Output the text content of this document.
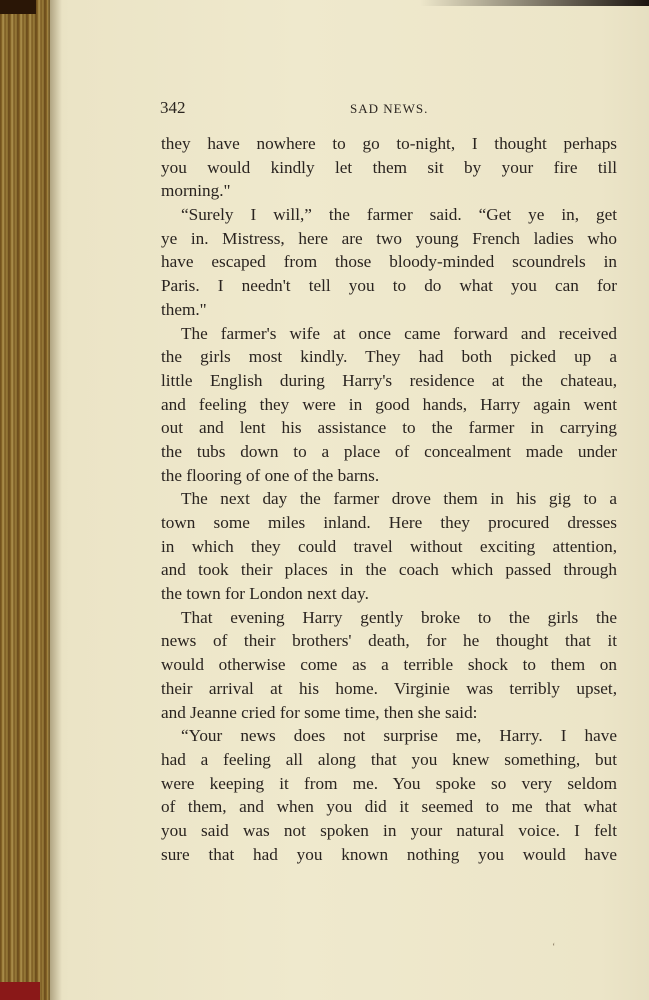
342	SAD NEWS.
they have nowhere to go to-night, I thought perhaps
you would kindly let them sit by your fire till
morning."
“Surely I will,” the farmer said. “Get ye in, get
ye in. Mistress, here are two young French ladies who
have escaped from those bloody-minded scoundrels in
Paris. I needn't tell you to do what you can for
them."
The farmer's wife at once came forward and received
the girls most kindly. They had both picked up a
little English during Harry's residence at the chateau,
and feeling they were in good hands, Harry again went
out and lent his assistance to the farmer in carrying
the tubs down to a place of concealment made under
the flooring of one of the barns.
The next day the farmer drove them in his gig to a
town some miles inland. Here they procured dresses
in which they could travel without exciting attention,
and took their places in the coach which passed through
the town for London next day.
That evening Harry gently broke to the girls the
news of their brothers' death, for he thought that it
would otherwise come as a terrible shock to them on
their arrival at his home. Virginie was terribly upset,
and Jeanne cried for some time, then she said:
“Your news does not surprise me, Harry. I have
had a feeling all along that you knew something, but
were keeping it from me. You spoke so very seldom
of them, and when you did it seemed to me that what
you said was not spoken in your natural voice. I felt
sure that had you known nothing you would have
‘
